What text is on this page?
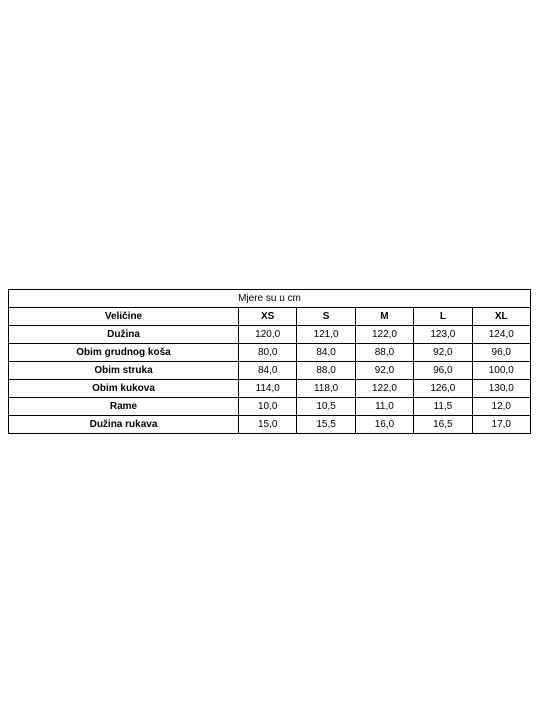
Mjere su u cm					
Veličine	XS	S	M	L	XL
Dužina	120,0	121,0	122,0	123,0	124,0
Obim grudnog koša	80,0	84,0	88,0	92,0	96,0
Obim struka	84,0	88,0	92,0	96,0	100,0
Obim kukova	114,0	118,0	122,0	126,0	130,0
Rame	10,0	10,5	11,0	11,5	12,0
Dužina rukava	15,0	15,5	16,0	16,5	17,0
